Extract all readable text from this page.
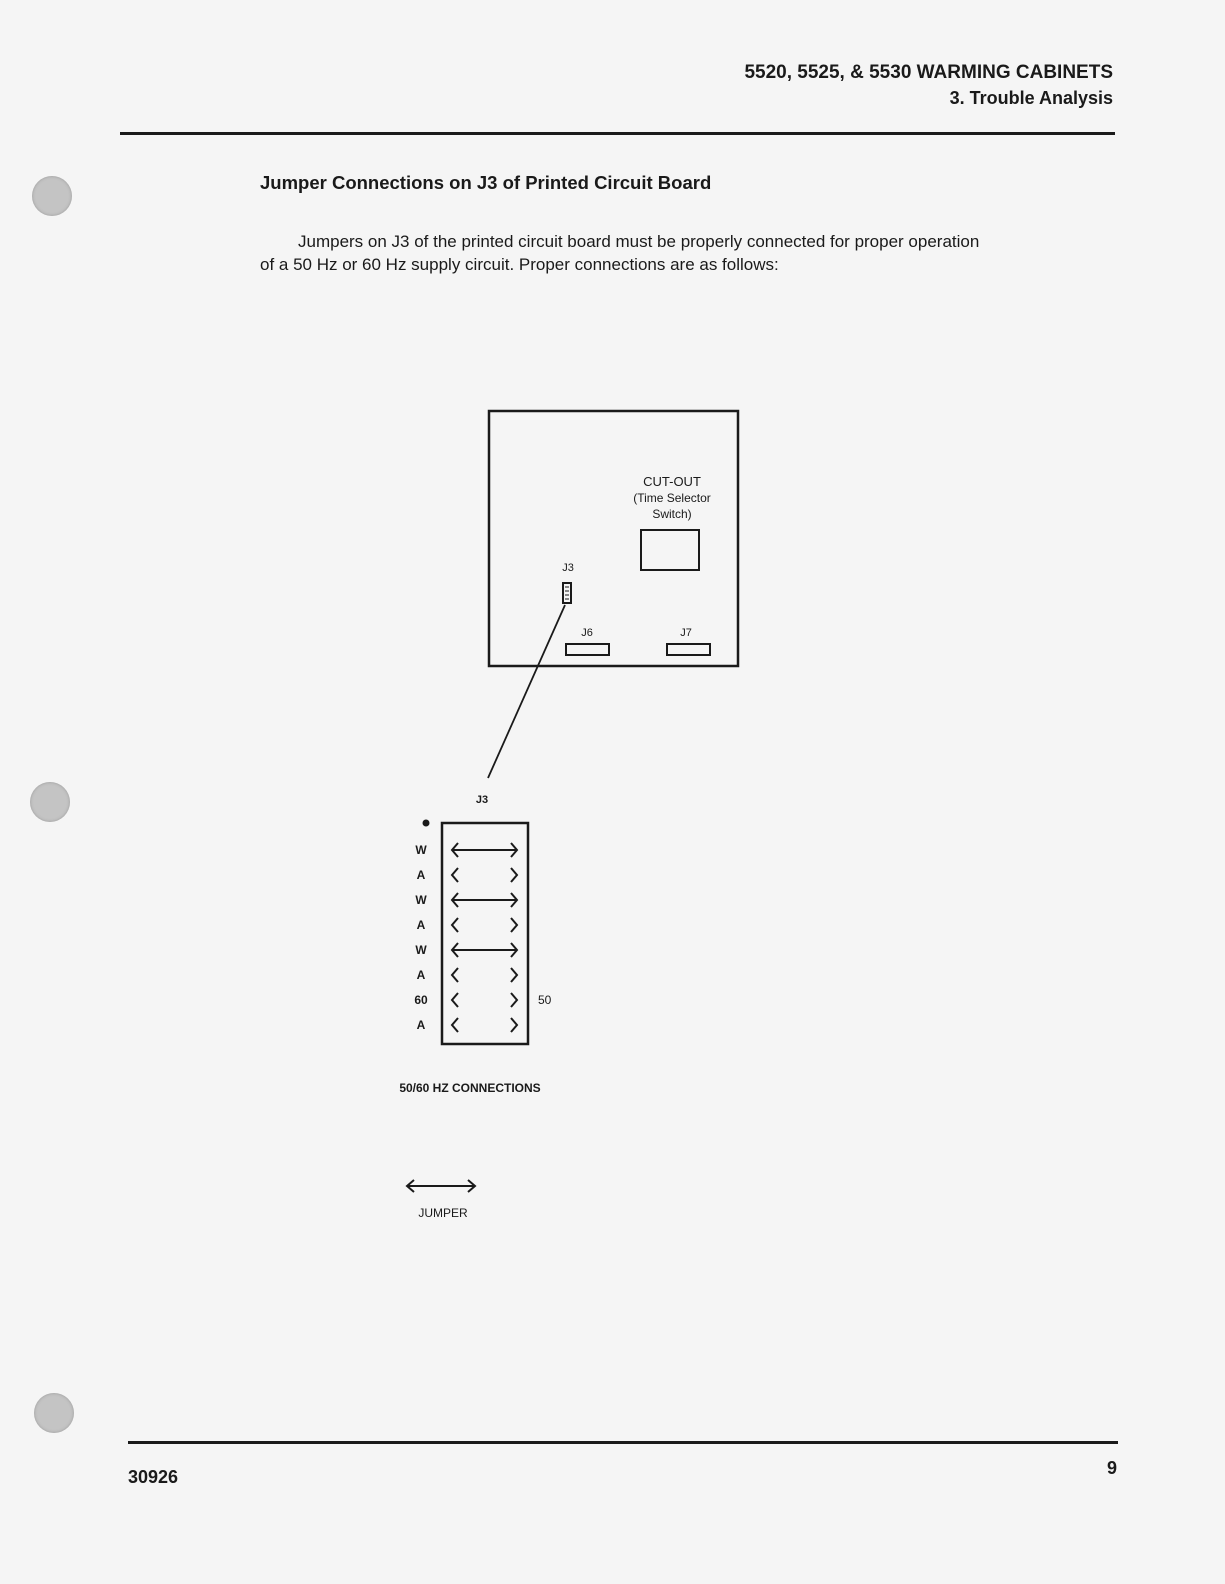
5520, 5525, & 5530 WARMING CABINETS
3. Trouble Analysis
Jumper Connections on J3 of Printed Circuit Board
Jumpers on J3 of the printed circuit board must be properly connected for proper operation of a 50 Hz or 60 Hz supply circuit. Proper connections are as follows:
CUT-OUT
(Time Selector
Switch)
J3
J6	J7
J3
W
A
W
A
W
A
60	50
A
50/60 HZ CONNECTIONS
JUMPER
30926	9
